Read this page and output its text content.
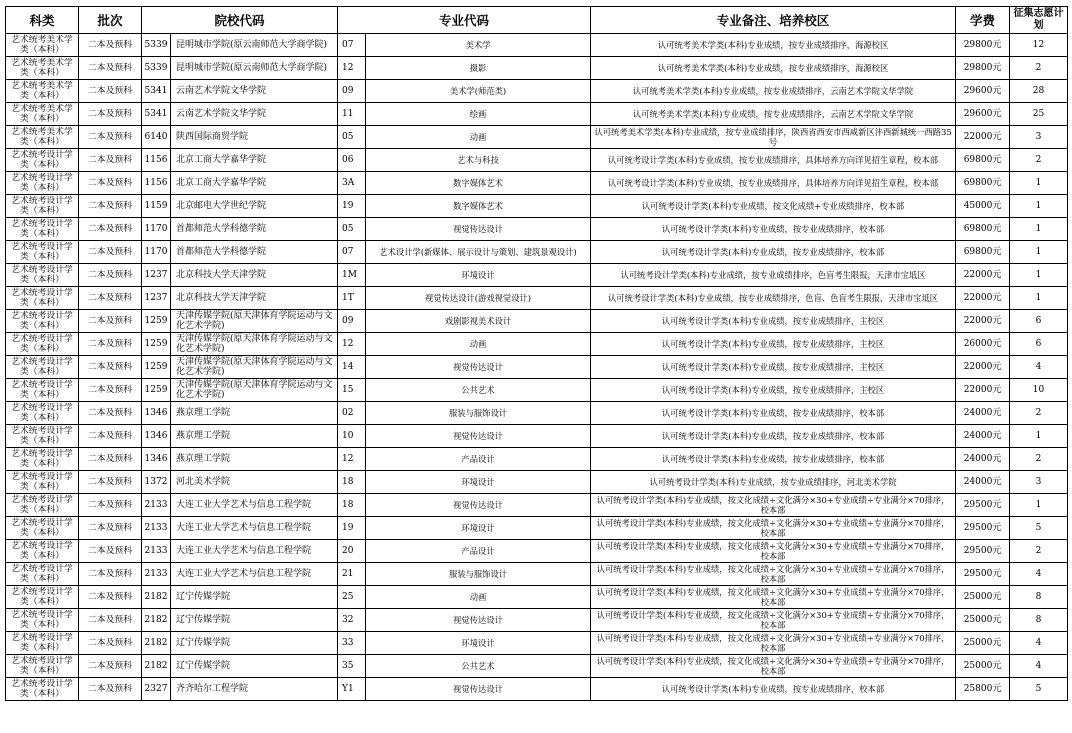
科类	批次	院校代码		专业代码		专业备注、培养校区	学费	征集志愿计划
艺术统考美术学类（本科）	二本及预科	5339	昆明城市学院(原云南师范大学商学院)	07	美术学	认可统考美术学类(本科)专业成绩，按专业成绩排序，海源校区	29800元	12
艺术统考美术学类（本科）	二本及预科	5339	昆明城市学院(原云南师范大学商学院)	12	摄影	认可统考美术学类(本科)专业成绩，按专业成绩排序，海源校区	29800元	2
艺术统考美术学类（本科）	二本及预科	5341	云南艺术学院文华学院	09	美术学(师范类)	认可统考美术学类(本科)专业成绩，按专业成绩排序，云南艺术学院文华学院	29600元	28
艺术统考美术学类（本科）	二本及预科	5341	云南艺术学院文华学院	11	绘画	认可统考美术学类(本科)专业成绩，按专业成绩排序，云南艺术学院文华学院	29600元	25
艺术统考美术学类（本科）	二本及预科	6140	陕西国际商贸学院	05	动画	认可统考美术学类(本科)专业成绩，按专业成绩排序，陕西省西安市西咸新区沣西新城统一西路35号	22000元	3
艺术统考设计学类（本科）	二本及预科	1156	北京工商大学嘉华学院	06	艺术与科技	认可统考设计学类(本科)专业成绩，按专业成绩排序，具体培养方向详见招生章程，校本部	69800元	2
艺术统考设计学类（本科）	二本及预科	1156	北京工商大学嘉华学院	3A	数字媒体艺术	认可统考设计学类(本科)专业成绩，按专业成绩排序，具体培养方向详见招生章程，校本部	69800元	1
艺术统考设计学类（本科）	二本及预科	1159	北京邮电大学世纪学院	19	数字媒体艺术	认可统考设计学类(本科)专业成绩，按文化成绩+专业成绩排序，校本部	45000元	1
艺术统考设计学类（本科）	二本及预科	1170	首都师范大学科德学院	05	视觉传达设计	认可统考设计学类(本科)专业成绩，按专业成绩排序，校本部	69800元	1
艺术统考设计学类（本科）	二本及预科	1170	首都师范大学科德学院	07	艺术设计学(新媒体、展示设计与策划、建筑景观设计)	认可统考设计学类(本科)专业成绩，按专业成绩排序，校本部	69800元	1
艺术统考设计学类（本科）	二本及预科	1237	北京科技大学天津学院	1M	环境设计	认可统考设计学类(本科)专业成绩，按专业成绩排序，色盲考生限报，天津市宝坻区	22000元	1
艺术统考设计学类（本科）	二本及预科	1237	北京科技大学天津学院	1T	视觉传达设计(游戏视觉设计)	认可统考设计学类(本科)专业成绩，按专业成绩排序，色盲、色盲考生限报，天津市宝坻区	22000元	1
艺术统考设计学类（本科）	二本及预科	1259	天津传媒学院(原天津体育学院运动与文化艺术学院)	09	戏剧影视美术设计	认可统考设计学类(本科)专业成绩，按专业成绩排序，主校区	22000元	6
艺术统考设计学类（本科）	二本及预科	1259	天津传媒学院(原天津体育学院运动与文化艺术学院)	12	动画	认可统考设计学类(本科)专业成绩，按专业成绩排序，主校区	26000元	6
艺术统考设计学类（本科）	二本及预科	1259	天津传媒学院(原天津体育学院运动与文化艺术学院)	14	视觉传达设计	认可统考设计学类(本科)专业成绩，按专业成绩排序，主校区	22000元	4
艺术统考设计学类（本科）	二本及预科	1259	天津传媒学院(原天津体育学院运动与文化艺术学院)	15	公共艺术	认可统考设计学类(本科)专业成绩，按专业成绩排序，主校区	22000元	10
艺术统考设计学类（本科）	二本及预科	1346	燕京理工学院	02	服装与服饰设计	认可统考设计学类(本科)专业成绩，按专业成绩排序，校本部	24000元	2
艺术统考设计学类（本科）	二本及预科	1346	燕京理工学院	10	视觉传达设计	认可统考设计学类(本科)专业成绩，按专业成绩排序，校本部	24000元	1
艺术统考设计学类（本科）	二本及预科	1346	燕京理工学院	12	产品设计	认可统考设计学类(本科)专业成绩，按专业成绩排序，校本部	24000元	2
艺术统考设计学类（本科）	二本及预科	1372	河北美术学院	18	环境设计	认可统考设计学类(本科)专业成绩，按专业成绩排序，河北美术学院	24000元	3
艺术统考设计学类（本科）	二本及预科	2133	大连工业大学艺术与信息工程学院	18	视觉传达设计	认可统考设计学类(本科)专业成绩，按文化成绩÷文化满分×30+专业成绩÷专业满分×70排序，校本部	29500元	1
艺术统考设计学类（本科）	二本及预科	2133	大连工业大学艺术与信息工程学院	19	环境设计	认可统考设计学类(本科)专业成绩，按文化成绩÷文化满分×30+专业成绩÷专业满分×70排序，校本部	29500元	5
艺术统考设计学类（本科）	二本及预科	2133	大连工业大学艺术与信息工程学院	20	产品设计	认可统考设计学类(本科)专业成绩，按文化成绩÷文化满分×30+专业成绩÷专业满分×70排序，校本部	29500元	2
艺术统考设计学类（本科）	二本及预科	2133	大连工业大学艺术与信息工程学院	21	服装与服饰设计	认可统考设计学类(本科)专业成绩，按文化成绩÷文化满分×30+专业成绩÷专业满分×70排序，校本部	29500元	4
艺术统考设计学类（本科）	二本及预科	2182	辽宁传媒学院	25	动画	认可统考设计学类(本科)专业成绩，按文化成绩÷文化满分×30+专业成绩÷专业满分×70排序，校本部	25000元	8
艺术统考设计学类（本科）	二本及预科	2182	辽宁传媒学院	32	视觉传达设计	认可统考设计学类(本科)专业成绩，按文化成绩÷文化满分×30+专业成绩÷专业满分×70排序，校本部	25000元	8
艺术统考设计学类（本科）	二本及预科	2182	辽宁传媒学院	33	环境设计	认可统考设计学类(本科)专业成绩，按文化成绩÷文化满分×30+专业成绩÷专业满分×70排序，校本部	25000元	4
艺术统考设计学类（本科）	二本及预科	2182	辽宁传媒学院	35	公共艺术	认可统考设计学类(本科)专业成绩，按文化成绩÷文化满分×30+专业成绩÷专业满分×70排序，校本部	25000元	4
艺术统考设计学类（本科）	二本及预科	2327	齐齐哈尔工程学院	Y1	视觉传达设计	认可统考设计学类(本科)专业成绩，按专业成绩排序，校本部	25800元	5
